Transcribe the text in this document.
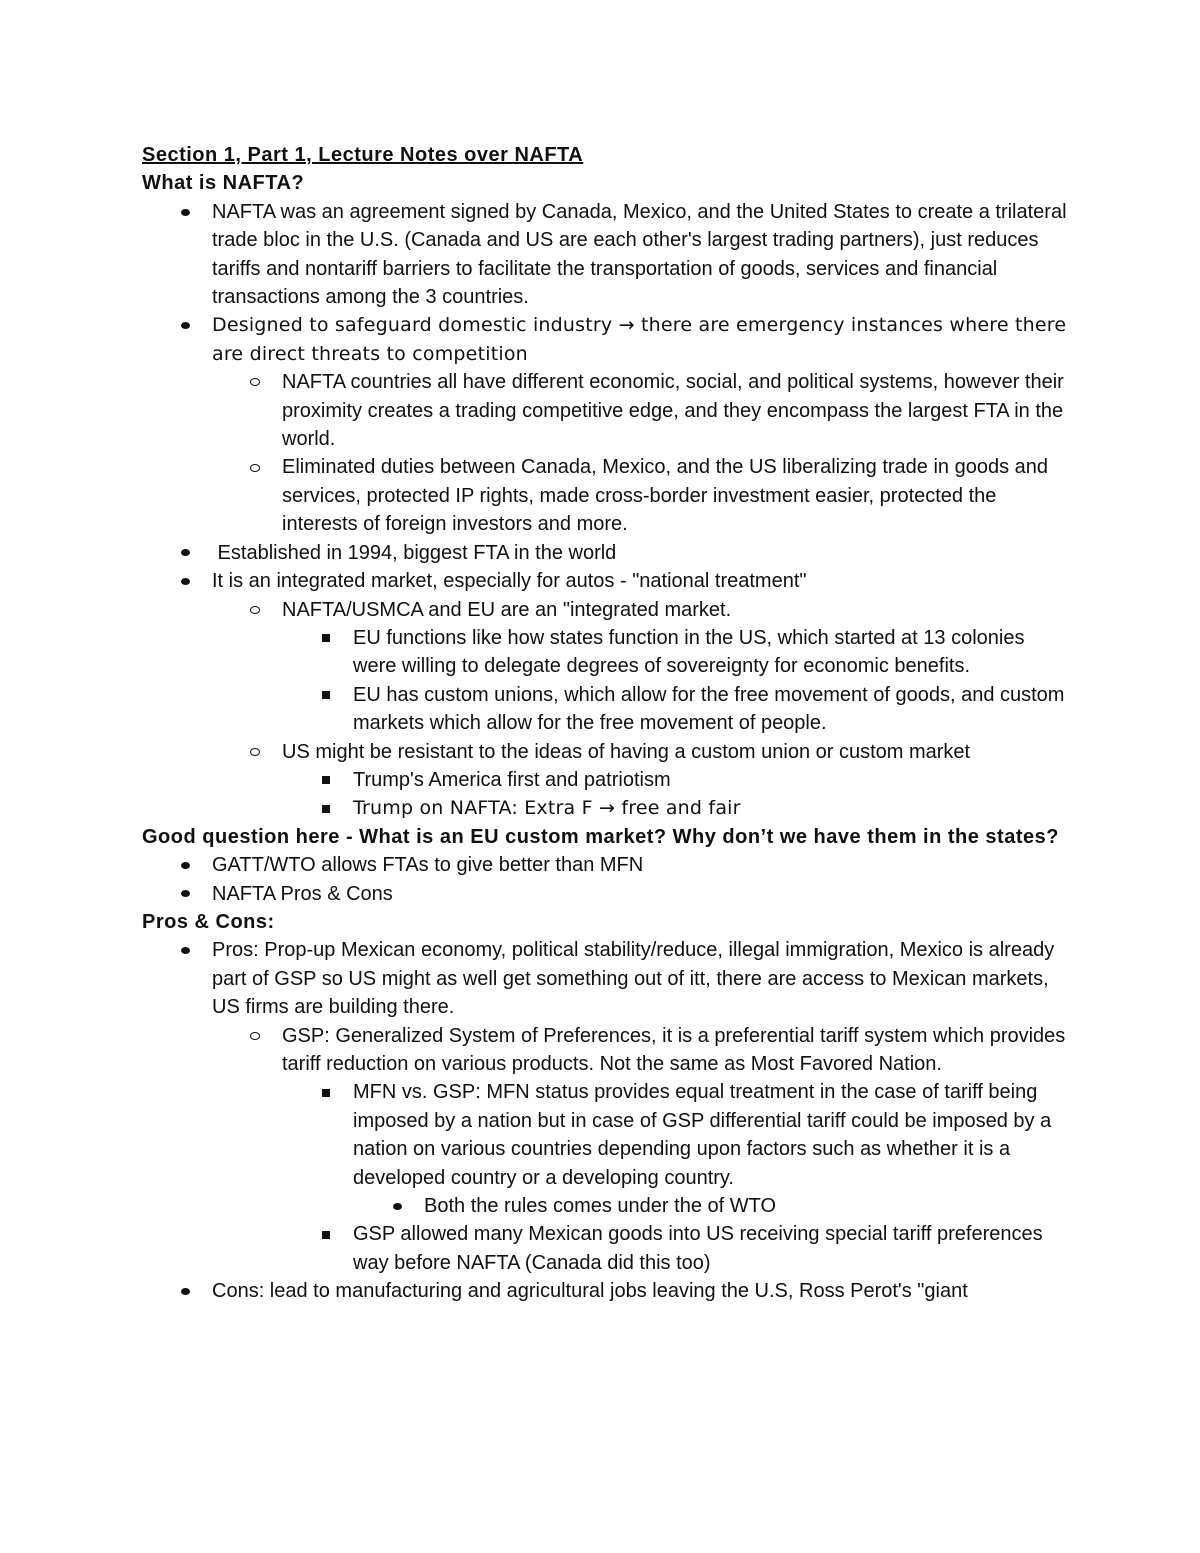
Section 1, Part 1, Lecture Notes over NAFTA
What is NAFTA?
NAFTA was an agreement signed by Canada, Mexico, and the United States to create a trilateral trade bloc in the U.S. (Canada and US are each other's largest trading partners), just reduces tariffs and nontariff barriers to facilitate the transportation of goods, services and financial transactions among the 3 countries.
Designed to safeguard domestic industry → there are emergency instances where there are direct threats to competition
NAFTA countries all have different economic, social, and political systems, however their proximity creates a trading competitive edge, and they encompass the largest FTA in the world.
Eliminated duties between Canada, Mexico, and the US liberalizing trade in goods and services, protected IP rights, made cross-border investment easier, protected the interests of foreign investors and more.
Established in 1994, biggest FTA in the world
It is an integrated market, especially for autos - "national treatment"
NAFTA/USMCA and EU are an "integrated market.
EU functions like how states function in the US, which started at 13 colonies were willing to delegate degrees of sovereignty for economic benefits.
EU has custom unions, which allow for the free movement of goods, and custom markets which allow for the free movement of people.
US might be resistant to the ideas of having a custom union or custom market
Trump's America first and patriotism
Trump on NAFTA: Extra F → free and fair
Good question here - What is an EU custom market? Why don’t we have them in the states?
GATT/WTO allows FTAs to give better than MFN
NAFTA Pros & Cons
Pros & Cons:
Pros: Prop-up Mexican economy, political stability/reduce, illegal immigration, Mexico is already part of GSP so US might as well get something out of itt, there are access to Mexican markets, US firms are building there.
GSP: Generalized System of Preferences, it is a preferential tariff system which provides tariff reduction on various products. Not the same as Most Favored Nation.
MFN vs. GSP: MFN status provides equal treatment in the case of tariff being imposed by a nation but in case of GSP differential tariff could be imposed by a nation on various countries depending upon factors such as whether it is a developed country or a developing country.
Both the rules comes under the of WTO
GSP allowed many Mexican goods into US receiving special tariff preferences way before NAFTA (Canada did this too)
Cons: lead to manufacturing and agricultural jobs leaving the U.S, Ross Perot's "giant
